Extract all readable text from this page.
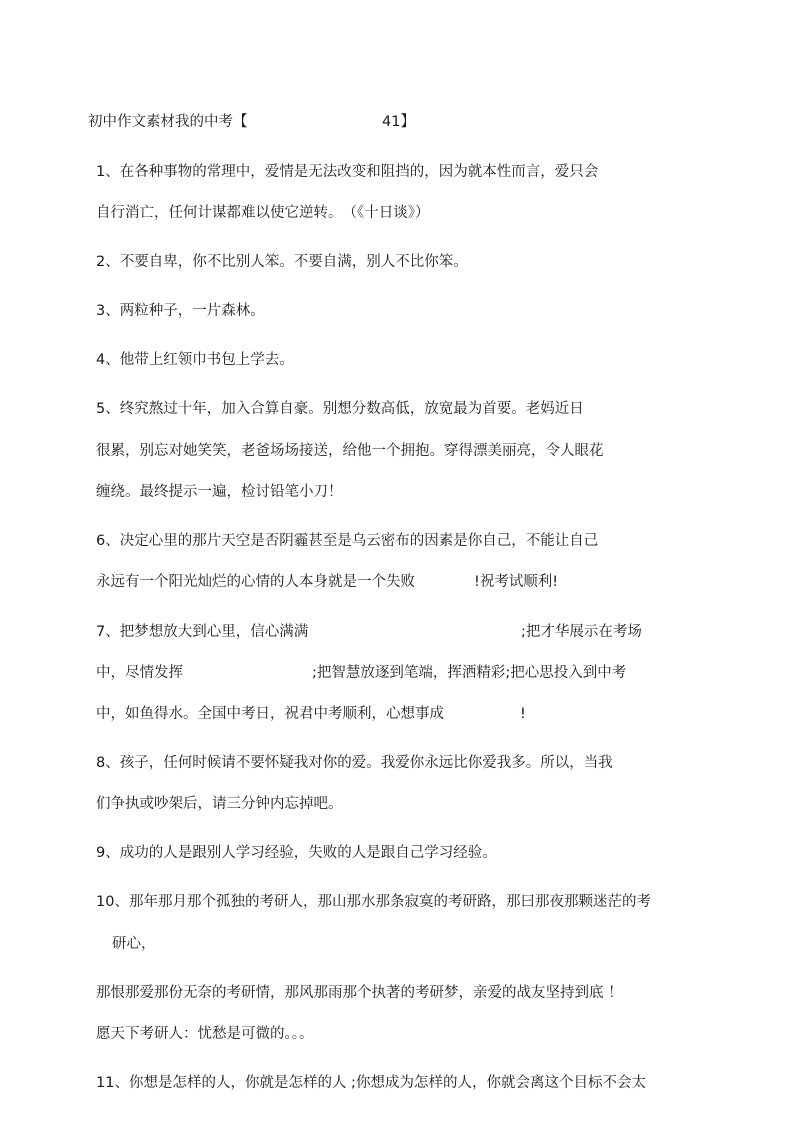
初中作文素材我的中考【	41】
1、在各种事物的常理中，爱情是无法改变和阻挡的，因为就本性而言，爱只会
自行消亡，任何计谋都难以使它逆转。　（《十日谈》）
2、不要自卑，你不比别人笨。不要自满，别人不比你笨。
3、两粒种子，一片森林。
4、他带上红领巾书包上学去。
5、终究熬过十年，加入合算自豪。别想分数高低，放宽最为首要。老妈近日
很累，别忘对她笑笑，老爸场场接送，给他一个拥抱。穿得漂美丽亮，令人眼花
缠绕。最终提示一遍，检讨铅笔小刀！
6、决定心里的那片天空是否阴霾甚至是乌云密布的因素是你自己，不能让自己
永远有一个阳光灿烂的心情的人本身就是一个失败	!祝考试顺利!
7、把梦想放大到心里，信心满满	;把才华展示在考场
中，尽情发挥	;把智慧放逐到笔端，挥洒精彩;把心思投入到中考
中，如鱼得水。全国中考日，祝君中考顺利，心想事成	!
8、孩子，任何时候请不要怀疑我对你的爱。我爱你永远比你爱我多。所以，当我
们争执或吵架后，请三分钟内忘掉吧。
9、成功的人是跟别人学习经验，失败的人是跟自己学习经验。
10、那年那月那个孤独的考研人，那山那水那条寂寞的考研路，那曰那夜那颗迷茫的考
研心，
那恨那爱那份无奈的考研情，那风那雨那个执著的考研梦，亲爱的战友坚持到底 ！
愿天下考研人：忧愁是可微的。。。
11、你想是怎样的人，你就是怎样的人 ;你想成为怎样的人，你就会离这个目标不会太
